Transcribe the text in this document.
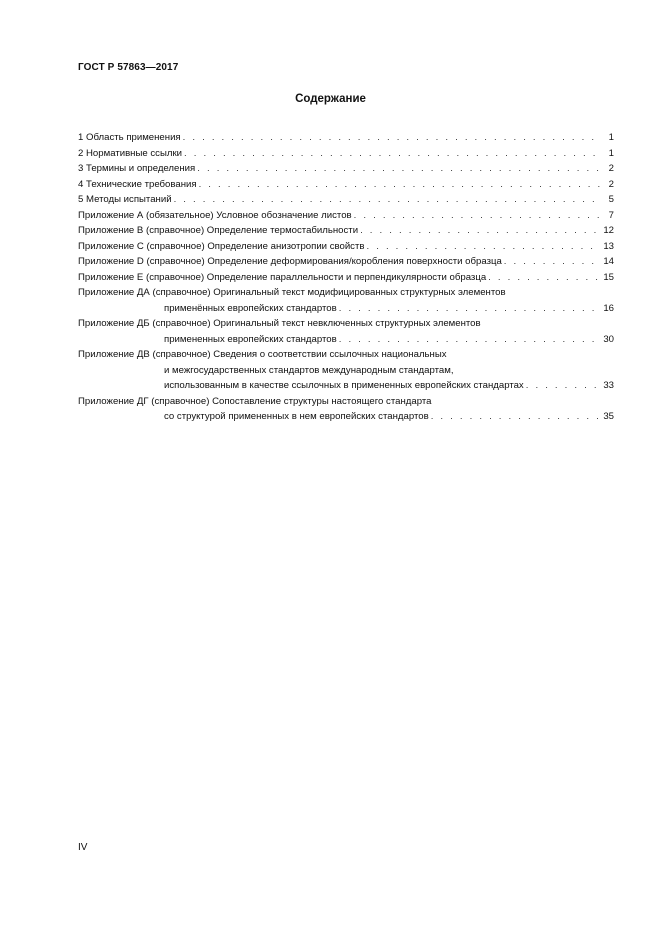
ГОСТ Р 57863—2017
Содержание
1 Область применения . . .	1
2 Нормативные ссылки . . .	1
3 Термины и определения . . .	2
4 Технические требования . . .	2
5 Методы испытаний . . .	5
Приложение А (обязательное) Условное обозначение листов . . .	7
Приложение В (справочное) Определение термостабильности . . .	12
Приложение С (справочное) Определение анизотропии свойств . . .	13
Приложение D (справочное) Определение деформирования/коробления поверхности образца . . .	14
Приложение Е (справочное) Определение параллельности и перпендикулярности образца . . .	15
Приложение ДА (справочное) Оригинальный текст модифицированных структурных элементов
применённых европейских стандартов . . .	16
Приложение ДБ (справочное) Оригинальный текст невключенных структурных элементов
примененных европейских стандартов . . .	30
Приложение ДВ (справочное) Сведения о соответствии ссылочных национальных
и межгосударственных стандартов международным стандартам,
использованным в качестве ссылочных в примененных европейских стандартах . . .	33
Приложение ДГ (справочное) Сопоставление структуры настоящего стандарта
со структурой примененных в нем европейских стандартов . . .	35
IV
